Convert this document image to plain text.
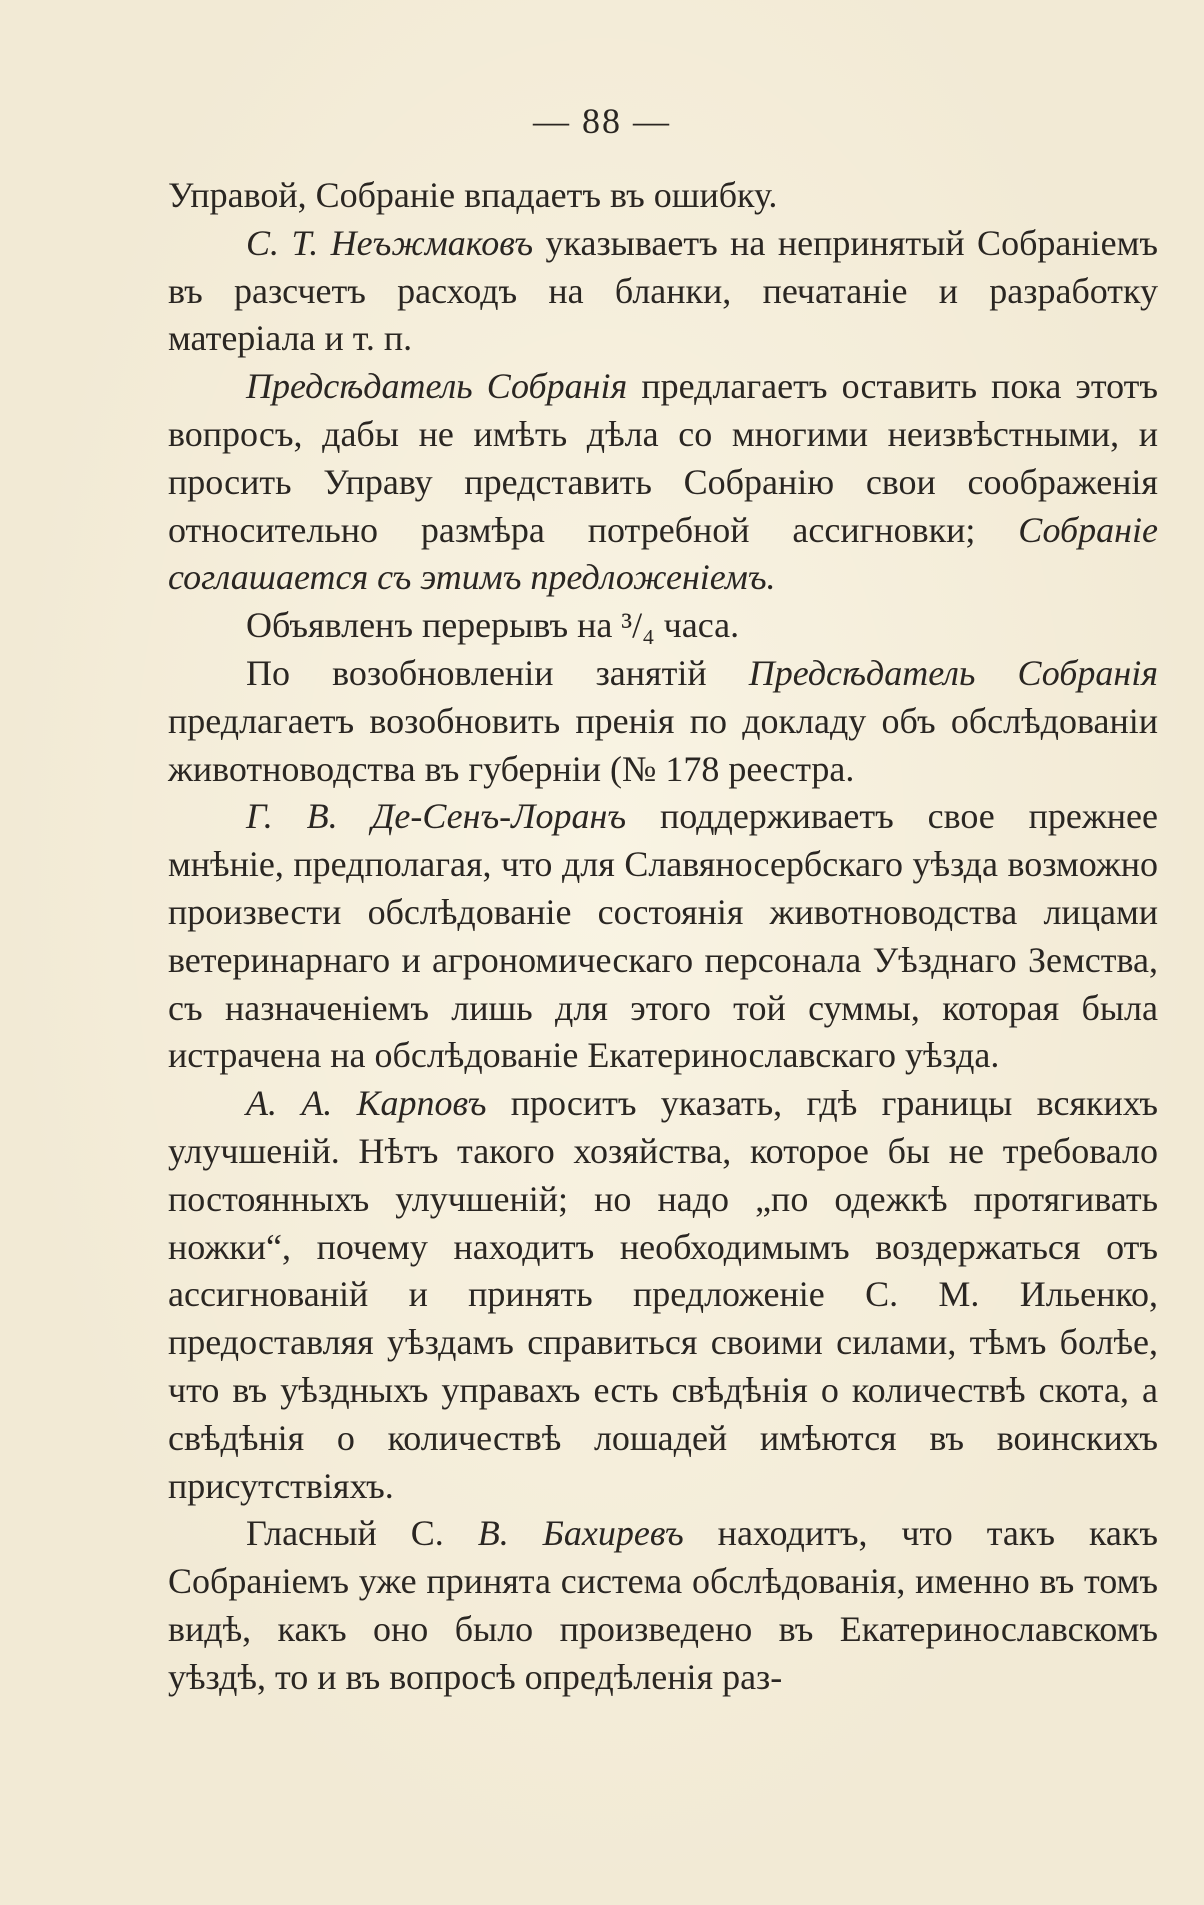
— 88 —

Управой, Собраніе впадаетъ въ ошибку.

С. Т. Неъжмаковъ указываетъ на непринятый Собраніемъ въ разсчетъ расходъ на бланки, печатаніе и разработку матеріала и т. п.

Предсѣдатель Собранія предлагаетъ оставить пока этотъ вопросъ, дабы не имѣть дѣла со многими неизвѣстными, и просить Управу представить Собранію свои соображенія относительно размѣра потребной ассигновки; Собраніе соглашается съ этимъ предложеніемъ.

Объявленъ перерывъ на ³/₄ часа.

По возобновленіи занятій Предсѣдатель Собранія предлагаетъ возобновить пренія по докладу объ обслѣдованіи животноводства въ губерніи (№ 178 реестра.

Г. В. Де-Сенъ-Лоранъ поддерживаетъ свое прежнее мнѣніе, предполагая, что для Славяносербскаго уѣзда возможно произвести обслѣдованіе состоянія животноводства лицами ветеринарнаго и агрономическаго персонала Уѣзднаго Земства, съ назначеніемъ лишь для этого той суммы, которая была истрачена на обслѣдованіе Екатеринославскаго уѣзда.

А. А. Карповъ проситъ указать, гдѣ границы всякихъ улучшеній. Нѣтъ такого хозяйства, которое бы не требовало постоянныхъ улучшеній; но надо „по одежкѣ протягивать ножки“, почему находитъ необходимымъ воздержаться отъ ассигнованій и принять предложеніе С. М. Ильенко, предоставляя уѣздамъ справиться своими силами, тѣмъ болѣе, что въ уѣздныхъ управахъ есть свѣдѣнія о количествѣ скота, а свѣдѣнія о количествѣ лошадей имѣются въ воинскихъ присутствіяхъ.

Гласный С. В. Бахиревъ находитъ, что такъ какъ Собраніемъ уже принята система обслѣдованія, именно въ томъ видѣ, какъ оно было произведено въ Екатеринославскомъ уѣздѣ, то и въ вопросѣ опредѣленія раз-
